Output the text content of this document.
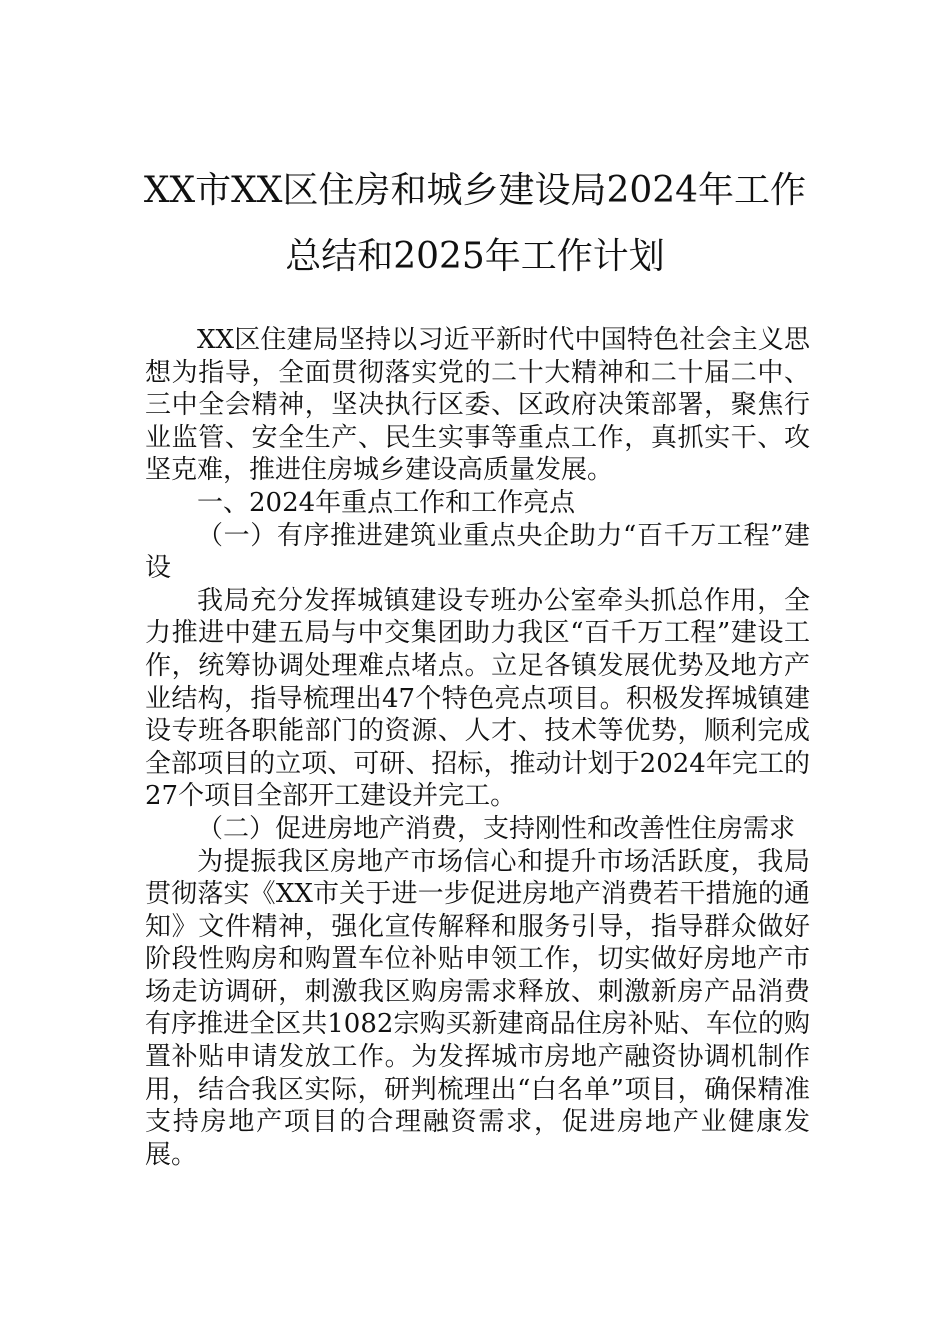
XX市XX区住房和城乡建设局2024年工作总结和2025年工作计划

XX区住建局坚持以习近平新时代中国特色社会主义思想为指导，全面贯彻落实党的二十大精神和二十届二中、三中全会精神，坚决执行区委、区政府决策部署，聚焦行业监管、安全生产、民生实事等重点工作，真抓实干、攻坚克难，推进住房城乡建设高质量发展。

一、2024年重点工作和工作亮点

（一）有序推进建筑业重点央企助力“百千万工程”建设

我局充分发挥城镇建设专班办公室牵头抓总作用，全力推进中建五局与中交集团助力我区“百千万工程”建设工作，统筹协调处理难点堵点。立足各镇发展优势及地方产业结构，指导梳理出47个特色亮点项目。积极发挥城镇建设专班各职能部门的资源、人才、技术等优势，顺利完成全部项目的立项、可研、招标，推动计划于2024年完工的27个项目全部开工建设并完工。

（二）促进房地产消费，支持刚性和改善性住房需求

为提振我区房地产市场信心和提升市场活跃度，我局贯彻落实《XX市关于进一步促进房地产消费若干措施的通知》文件精神，强化宣传解释和服务引导，指导群众做好阶段性购房和购置车位补贴申领工作，切实做好房地产市场走访调研，刺激我区购房需求释放、刺激新房产品消费有序推进全区共1082宗购买新建商品住房补贴、车位的购置补贴申请发放工作。为发挥城市房地产融资协调机制作用，结合我区实际，研判梳理出“白名单”项目，确保精准支持房地产项目的合理融资需求，促进房地产业健康发展。
